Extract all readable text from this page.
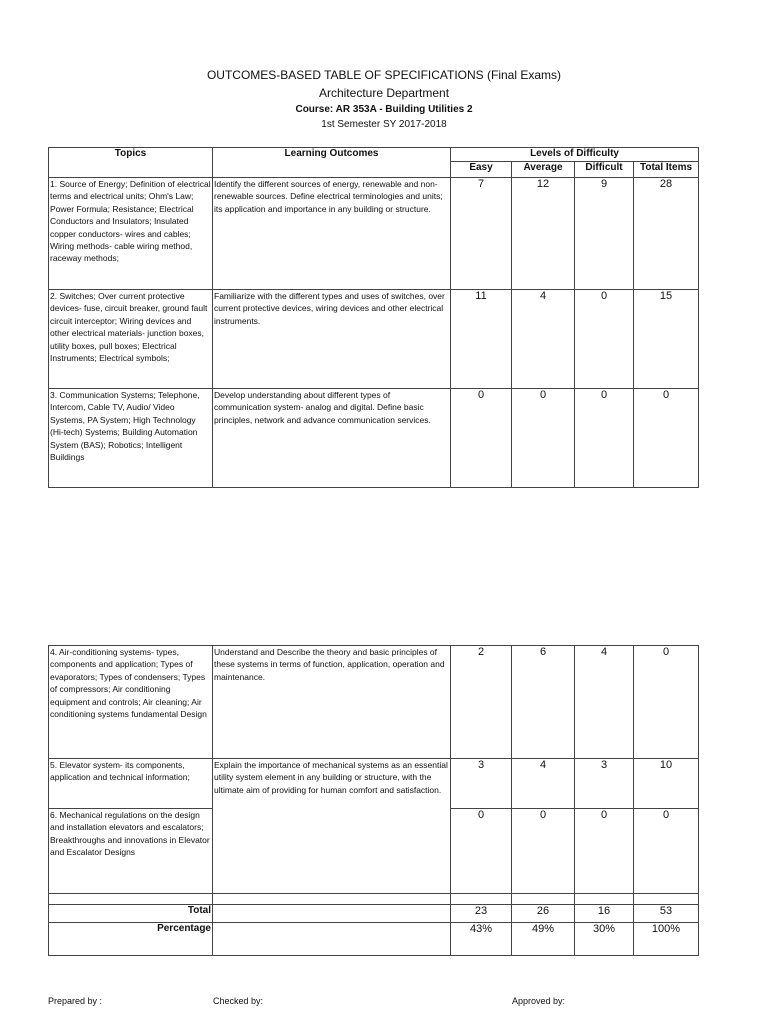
OUTCOMES-BASED TABLE OF SPECIFICATIONS (Final Exams)
Architecture Department
Course: AR 353A - Building Utilities 2
1st Semester SY 2017-2018
Topics	Learning Outcomes	Levels of Difficulty			
		Easy	Average	Difficult	Total Items
1. Source of Energy; Definition of electrical terms and electrical units; Ohm's Law; Power Formula; Resistance; Electrical Conductors and Insulators; Insulated copper conductors- wires and cables; Wiring methods- cable wiring method, raceway methods;	Identify the different sources of energy, renewable and non-renewable sources. Define electrical terminologies and units; its application and importance in any building or structure.	7	12	9	28
2. Switches; Over current protective devices- fuse, circuit breaker, ground fault circuit interceptor; Wiring devices and other electrical materials- junction boxes, utility boxes, pull boxes; Electrical Instruments; Electrical symbols;	Familiarize with the different types and uses of switches, over current protective devices, wiring devices and other electrical instruments.	11	4	0	15
3. Communication Systems; Telephone, Intercom, Cable TV, Audio/ Video Systems, PA System; High Technology (Hi-tech) Systems; Building Automation System (BAS); Robotics; Intelligent Buildings	Develop understanding about different types of communication system- analog and digital. Define basic principles, network and advance communication services.	0	0	0	0
4. Air-conditioning systems- types, components and application; Types of evaporators; Types of condensers; Types of compressors; Air conditioning equipment and controls; Air cleaning; Air conditioning systems fundamental Design	Understand and Describe the theory and basic principles of these systems in terms of function, application, operation and maintenance.	2	6	4	0
5. Elevator system- its components, application and technical information;	Explain the importance of mechanical systems as an essential utility system element in any building or structure, with the ultimate aim of providing for human comfort and satisfaction.	3	4	3	10
6. Mechanical regulations on the design and installation elevators and escalators; Breakthroughs and innovations in Elevator and Escalator Designs		0	0	0	0

Total		23	26	16	53
Percentage		43%	49%	30%	100%
Prepared by :	Checked by:	Approved by:
